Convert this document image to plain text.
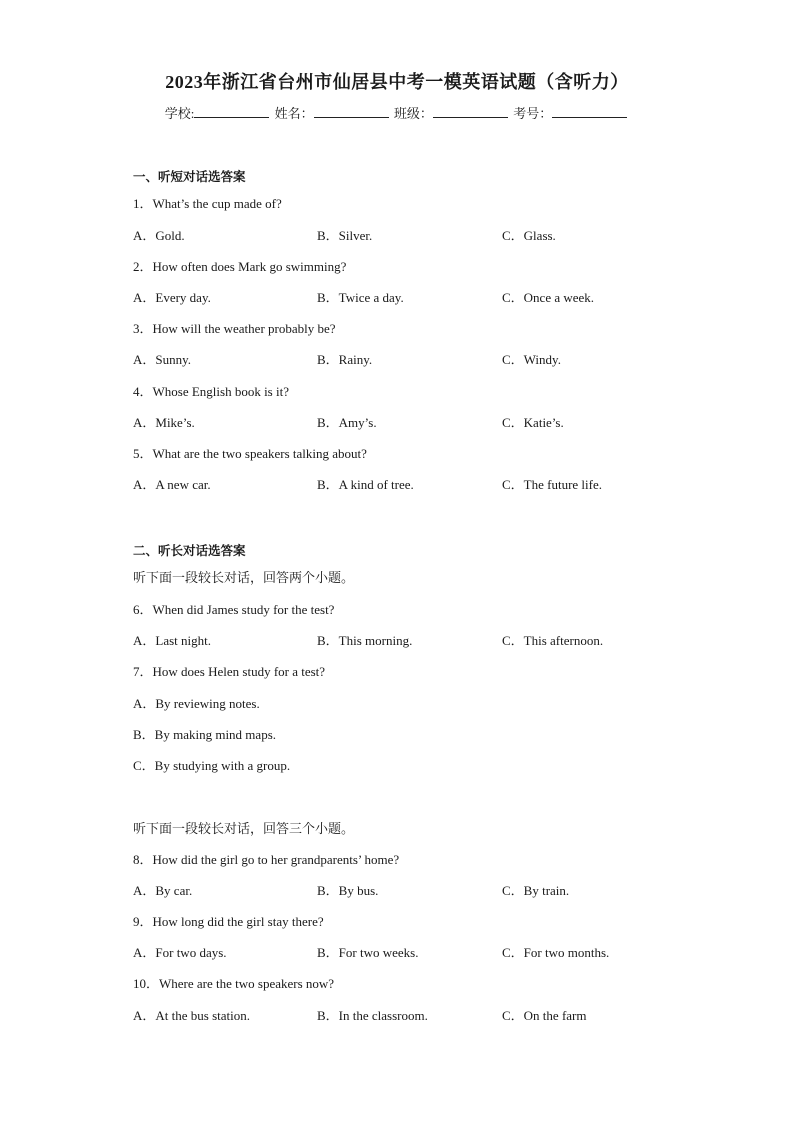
2023年浙江省台州市仙居县中考一模英语试题（含听力）
学校:	姓名：	班级：	考号：
一、听短对话选答案
1．What’s the cup made of?
A．Gold.	B．Silver.	C．Glass.
2．How often does Mark go swimming?
A．Every day.	B．Twice a day.	C．Once a week.
3．How will the weather probably be?
A．Sunny.	B．Rainy.	C．Windy.
4．Whose English book is it?
A．Mike’s.	B．Amy’s.	C．Katie’s.
5．What are the two speakers talking about?
A．A new car.	B．A kind of tree.	C．The future life.
二、听长对话选答案
听下面一段较长对话，回答两个小题。
6．When did James study for the test?
A．Last night.	B．This morning.	C．This afternoon.
7．How does Helen study for a test?
A．By reviewing notes.
B．By making mind maps.
C．By studying with a group.
听下面一段较长对话，回答三个小题。
8．How did the girl go to her grandparents’ home?
A．By car.	B．By bus.	C．By train.
9．How long did the girl stay there?
A．For two days.	B．For two weeks.	C．For two months.
10．Where are the two speakers now?
A．At the bus station.	B．In the classroom.	C．On the farm
